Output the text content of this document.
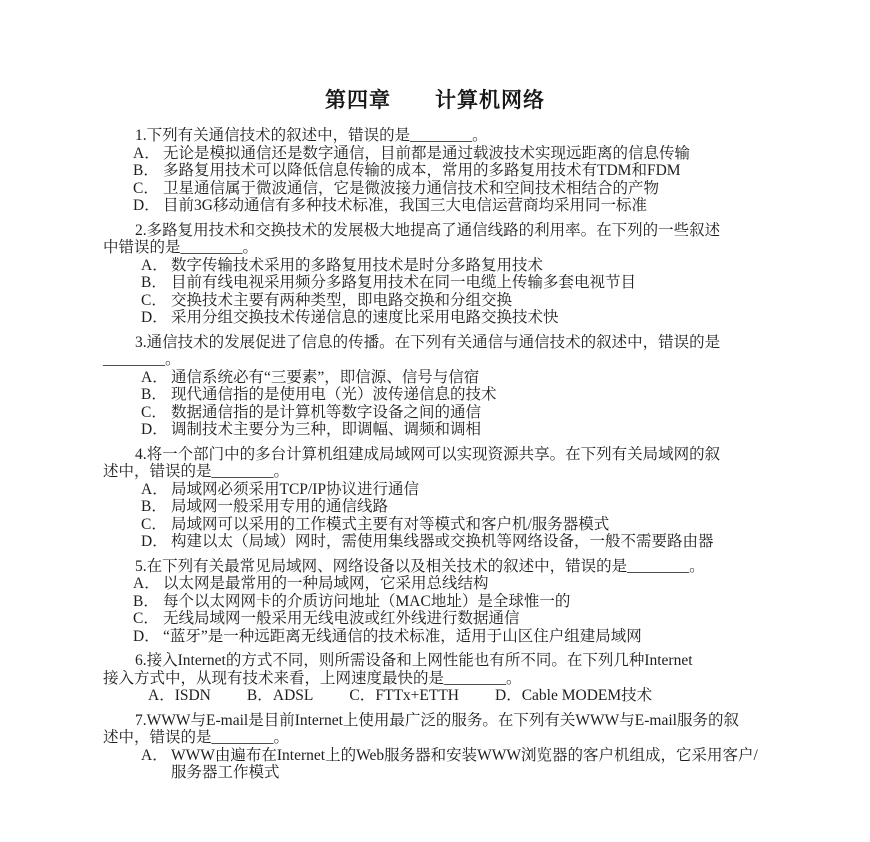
第四章　　计算机网络
1.下列有关通信技术的叙述中，错误的是________。
A． 无论是模拟通信还是数字通信，目前都是通过载波技术实现远距离的信息传输
B． 多路复用技术可以降低信息传输的成本，常用的多路复用技术有TDM和FDM
C． 卫星通信属于微波通信，它是微波接力通信技术和空间技术相结合的产物
D． 目前3G移动通信有多种技术标准，我国三大电信运营商均采用同一标准
2.多路复用技术和交换技术的发展极大地提高了通信线路的利用率。在下列的一些叙述
中错误的是________。
A． 数字传输技术采用的多路复用技术是时分多路复用技术
B． 目前有线电视采用频分多路复用技术在同一电缆上传输多套电视节目
C． 交换技术主要有两种类型，即电路交换和分组交换
D． 采用分组交换技术传递信息的速度比采用电路交换技术快
3.通信技术的发展促进了信息的传播。在下列有关通信与通信技术的叙述中，错误的是
________。
A． 通信系统必有“三要素”，即信源、信号与信宿
B． 现代通信指的是使用电（光）波传递信息的技术
C． 数据通信指的是计算机等数字设备之间的通信
D． 调制技术主要分为三种，即调幅、调频和调相
4.将一个部门中的多台计算机组建成局域网可以实现资源共享。在下列有关局域网的叙
述中，错误的是________。
A． 局域网必须采用TCP/IP协议进行通信
B． 局域网一般采用专用的通信线路
C． 局域网可以采用的工作模式主要有对等模式和客户机/服务器模式
D． 构建以太（局域）网时，需使用集线器或交换机等网络设备，一般不需要路由器
5.在下列有关最常见局域网、网络设备以及相关技术的叙述中，错误的是________。
A． 以太网是最常用的一种局域网，它采用总线结构
B． 每个以太网网卡的介质访问地址（MAC地址）是全球惟一的
C． 无线局域网一般采用无线电波或红外线进行数据通信
D． “蓝牙”是一种远距离无线通信的技术标准，适用于山区住户组建局域网
6.接入Internet的方式不同，则所需设备和上网性能也有所不同。在下列几种Internet
接入方式中，从现有技术来看，上网速度最快的是________。
A． ISDN B． ADSL C． FTTx+ETTH D． Cable MODEM技术
7.WWW与E-mail是目前Internet上使用最广泛的服务。在下列有关WWW与E-mail服务的叙
述中，错误的是________。
A． WWW由遍布在Internet上的Web服务器和安装WWW浏览器的客户机组成，它采用客户/
服务器工作模式
